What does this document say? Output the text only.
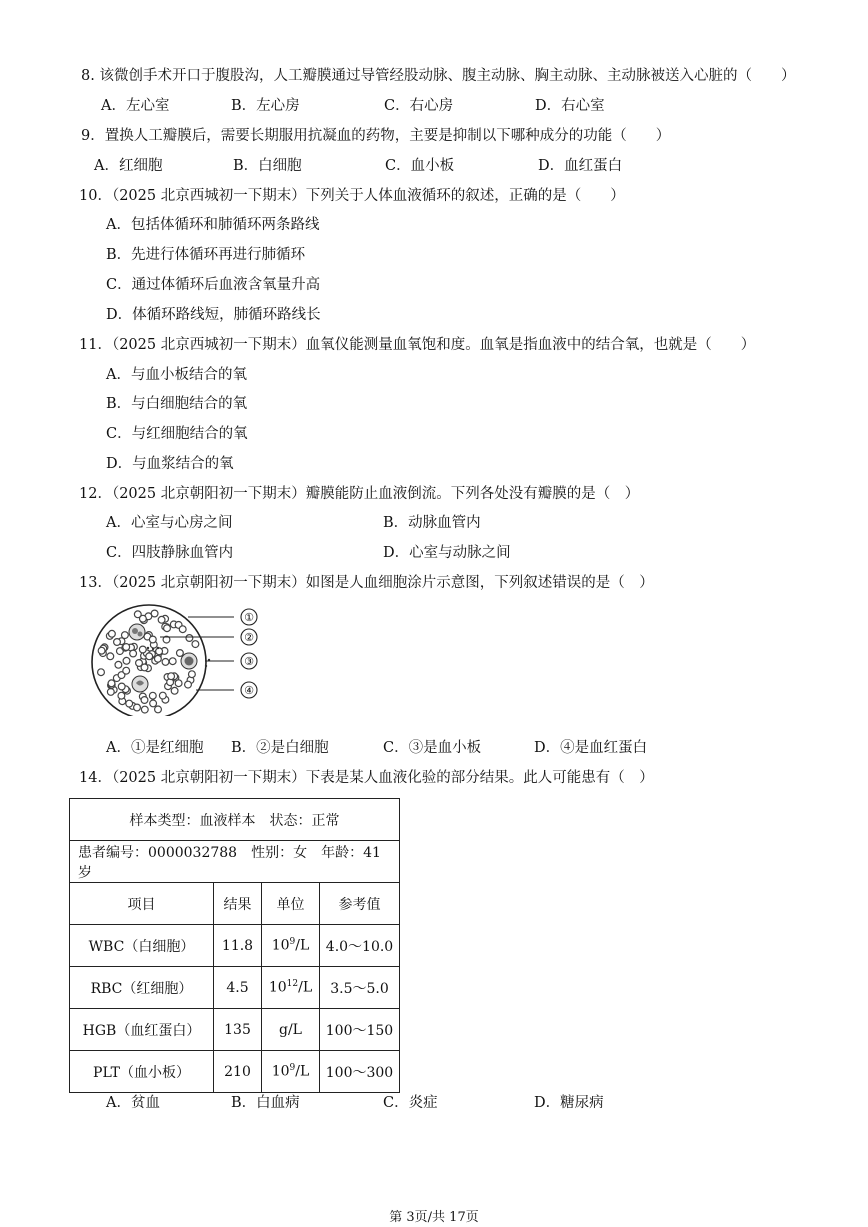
8. 该微创手术开口于腹股沟，人工瓣膜通过导管经股动脉、腹主动脉、胸主动脉、主动脉被送入心脏的（　　）
A．左心室	B．左心房	C．右心房	D．右心室
9．置换人工瓣膜后，需要长期服用抗凝血的药物，主要是抑制以下哪种成分的功能（　　）
A．红细胞	B．白细胞	C．血小板	D．血红蛋白
10．（2025 北京西城初一下期末）下列关于人体血液循环的叙述，正确的是（　　）
A．包括体循环和肺循环两条路线
B．先进行体循环再进行肺循环
C．通过体循环后血液含氧量升高
D．体循环路线短，肺循环路线长
11．（2025 北京西城初一下期末）血氧仪能测量血氧饱和度。血氧是指血液中的结合氧，也就是（　　）
A．与血小板结合的氧
B．与白细胞结合的氧
C．与红细胞结合的氧
D．与血浆结合的氧
12．（2025 北京朝阳初一下期末）瓣膜能防止血液倒流。下列各处没有瓣膜的是（　）
A．心室与心房之间	B．动脉血管内
C．四肢静脉血管内	D．心室与动脉之间
13．（2025 北京朝阳初一下期末）如图是人血细胞涂片示意图，下列叙述错误的是（　）
①
②
③
④
A．①是红细胞 B．②是白细胞	C．③是血小板	D．④是血红蛋白
14．（2025 北京朝阳初一下期末）下表是某人血液化验的部分结果。此人可能患有（　）
样本类型：血液样本　状态：正常			
患者编号：0000032788　性别：女　年龄：41 岁			
项目	结果	单位	参考值
WBC（白细胞）	11.8	$10^9/L$	4.0～10.0
RBC（红细胞）	4.5	$10^{12}/L$	3.5～5.0
HGB（血红蛋白）	135	g/L	100～150
PLT（血小板）	210	$10^9/L$	100～300
A．贫血	B．白血病	C．炎症	D．糖尿病
第 3页/共 17页
